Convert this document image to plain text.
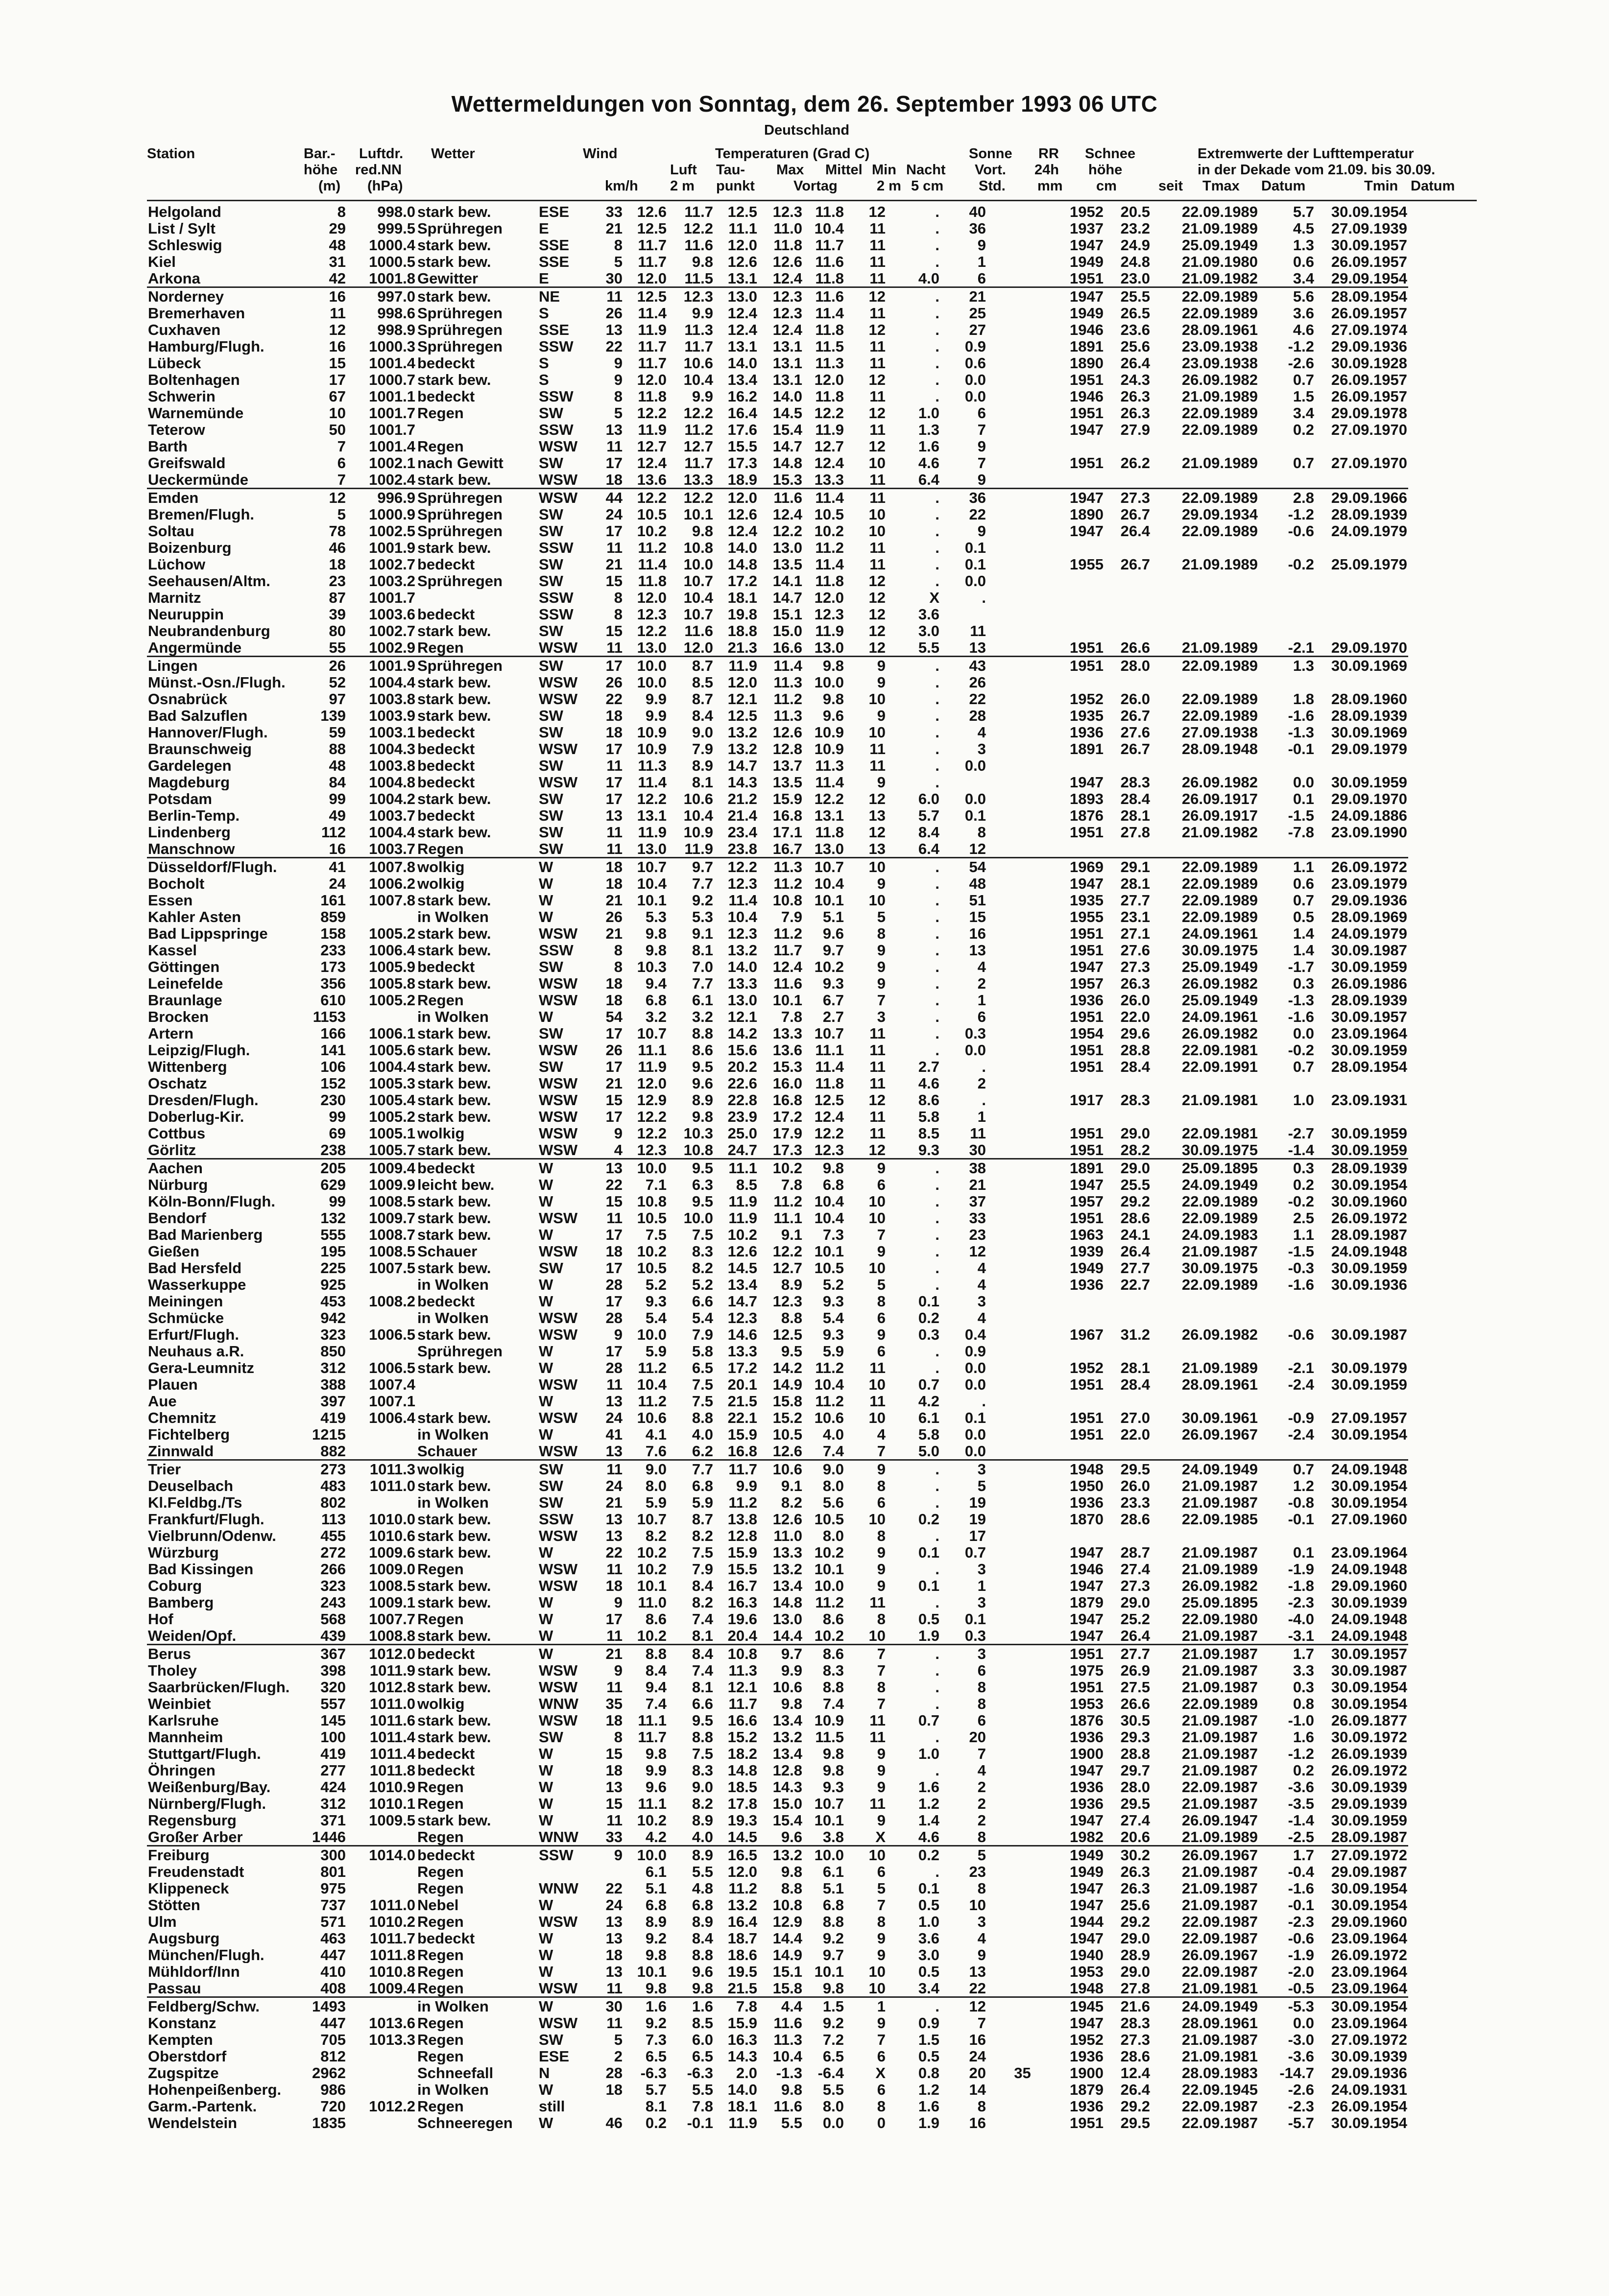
Wettermeldungen von Sonntag, dem 26. September 1993 06 UTC
Deutschland
Station	Bar.-
höhe
(m)
Luftdr.
red.NN
(hPa)
Wetter	Wind
km/h
Temperaturen (Grad C)
Luft
2 m
Tau-
punkt
Max Mittel Min
Vortag	2 m
Nacht
5 cm
Sonne
Vort.
Std.
RR
24h
mm
Schnee
höhe
cm
Extremwerte der Lufttemperatur
in der Dekade vom 21.09. bis 30.09.
seit Tmax Datum	Tmin Datum
Helgoland	8	998.0	stark bew.	ESE	33	12.6	11.7	12.5	12.3	11.8	12	.	40		1952	20.5	22.09.1989	5.7	30.09.1954
List / Sylt	29	999.5	Sprühregen	E	21	12.5	12.2	11.1	11.0	10.4	11	.	36		1937	23.2	21.09.1989	4.5	27.09.1939
Schleswig	48	1000.4	stark bew.	SSE	8	11.7	11.6	12.0	11.8	11.7	11	.	9		1947	24.9	25.09.1949	1.3	30.09.1957
Kiel	31	1000.5	stark bew.	SSE	5	11.7	9.8	12.6	12.6	11.6	11	.	1		1949	24.8	21.09.1980	0.6	26.09.1957
Arkona	42	1001.8	Gewitter	E	30	12.0	11.5	13.1	12.4	11.8	11	4.0	6		1951	23.0	21.09.1982	3.4	29.09.1954
Norderney	16	997.0	stark bew.	NE	11	12.5	12.3	13.0	12.3	11.6	12	.	21		1947	25.5	22.09.1989	5.6	28.09.1954
Bremerhaven	11	998.6	Sprühregen	S	26	11.4	9.9	12.4	12.3	11.4	11	.	25		1949	26.5	22.09.1989	3.6	26.09.1957
Cuxhaven	12	998.9	Sprühregen	SSE	13	11.9	11.3	12.4	12.4	11.8	12	.	27		1946	23.6	28.09.1961	4.6	27.09.1974
Hamburg/Flugh.	16	1000.3	Sprühregen	SSW	22	11.7	11.7	13.1	13.1	11.5	11	.	0.9		1891	25.6	23.09.1938	-1.2	29.09.1936
Lübeck	15	1001.4	bedeckt	S	9	11.7	10.6	14.0	13.1	11.3	11	.	0.6		1890	26.4	23.09.1938	-2.6	30.09.1928
Boltenhagen	17	1000.7	stark bew.	S	9	12.0	10.4	13.4	13.1	12.0	12	.	0.0		1951	24.3	26.09.1982	0.7	26.09.1957
Schwerin	67	1001.1	bedeckt	SSW	8	11.8	9.9	16.2	14.0	11.8	11	.	0.0		1946	26.3	21.09.1989	1.5	26.09.1957
Warnemünde	10	1001.7	Regen	SW	5	12.2	12.2	16.4	14.5	12.2	12	1.0	6		1951	26.3	22.09.1989	3.4	29.09.1978
Teterow	50	1001.7		SSW	13	11.9	11.2	17.6	15.4	11.9	11	1.3	7		1947	27.9	22.09.1989	0.2	27.09.1970
Barth	7	1001.4	Regen	WSW	11	12.7	12.7	15.5	14.7	12.7	12	1.6	9						
Greifswald	6	1002.1	nach Gewitt	SW	17	12.4	11.7	17.3	14.8	12.4	10	4.6	7		1951	26.2	21.09.1989	0.7	27.09.1970
Ueckermünde	7	1002.4	stark bew.	WSW	18	13.6	13.3	18.9	15.3	13.3	11	6.4	9						
Emden	12	996.9	Sprühregen	WSW	44	12.2	12.2	12.0	11.6	11.4	11	.	36		1947	27.3	22.09.1989	2.8	29.09.1966
Bremen/Flugh.	5	1000.9	Sprühregen	SW	24	10.5	10.1	12.6	12.4	10.5	10	.	22		1890	26.7	29.09.1934	-1.2	28.09.1939
Soltau	78	1002.5	Sprühregen	SW	17	10.2	9.8	12.4	12.2	10.2	10	.	9		1947	26.4	22.09.1989	-0.6	24.09.1979
Boizenburg	46	1001.9	stark bew.	SSW	11	11.2	10.8	14.0	13.0	11.2	11	.	0.1						
Lüchow	18	1002.7	bedeckt	SW	21	11.4	10.0	14.8	13.5	11.4	11	.	0.1		1955	26.7	21.09.1989	-0.2	25.09.1979
Seehausen/Altm.	23	1003.2	Sprühregen	SW	15	11.8	10.7	17.2	14.1	11.8	12	.	0.0						
Marnitz	87	1001.7		SSW	8	12.0	10.4	18.1	14.7	12.0	12	X	.						
Neuruppin	39	1003.6	bedeckt	SSW	8	12.3	10.7	19.8	15.1	12.3	12	3.6							
Neubrandenburg	80	1002.7	stark bew.	SW	15	12.2	11.6	18.8	15.0	11.9	12	3.0	11						
Angermünde	55	1002.9	Regen	WSW	11	13.0	12.0	21.3	16.6	13.0	12	5.5	13		1951	26.6	21.09.1989	-2.1	29.09.1970
Lingen	26	1001.9	Sprühregen	SW	17	10.0	8.7	11.9	11.4	9.8	9	.	43		1951	28.0	22.09.1989	1.3	30.09.1969
Münst.-Osn./Flugh.	52	1004.4	stark bew.	WSW	26	10.0	8.5	12.0	11.3	10.0	9	.	26						
Osnabrück	97	1003.8	stark bew.	WSW	22	9.9	8.7	12.1	11.2	9.8	10	.	22		1952	26.0	22.09.1989	1.8	28.09.1960
Bad Salzuflen	139	1003.9	stark bew.	SW	18	9.9	8.4	12.5	11.3	9.6	9	.	28		1935	26.7	22.09.1989	-1.6	28.09.1939
Hannover/Flugh.	59	1003.1	bedeckt	SW	18	10.9	9.0	13.2	12.6	10.9	10	.	4		1936	27.6	27.09.1938	-1.3	30.09.1969
Braunschweig	88	1004.3	bedeckt	WSW	17	10.9	7.9	13.2	12.8	10.9	11	.	3		1891	26.7	28.09.1948	-0.1	29.09.1979
Gardelegen	48	1003.8	bedeckt	SW	11	11.3	8.9	14.7	13.7	11.3	11	.	0.0						
Magdeburg	84	1004.8	bedeckt	WSW	17	11.4	8.1	14.3	13.5	11.4	9	.			1947	28.3	26.09.1982	0.0	30.09.1959
Potsdam	99	1004.2	stark bew.	SW	17	12.2	10.6	21.2	15.9	12.2	12	6.0	0.0		1893	28.4	26.09.1917	0.1	29.09.1970
Berlin-Temp.	49	1003.7	bedeckt	SW	13	13.1	10.4	21.4	16.8	13.1	13	5.7	0.1		1876	28.1	26.09.1917	-1.5	24.09.1886
Lindenberg	112	1004.4	stark bew.	SW	11	11.9	10.9	23.4	17.1	11.8	12	8.4	8		1951	27.8	21.09.1982	-7.8	23.09.1990
Manschnow	16	1003.7	Regen	SW	11	13.0	11.9	23.8	16.7	13.0	13	6.4	12						
Düsseldorf/Flugh.	41	1007.8	wolkig	W	18	10.7	9.7	12.2	11.3	10.7	10	.	54		1969	29.1	22.09.1989	1.1	26.09.1972
Bocholt	24	1006.2	wolkig	W	18	10.4	7.7	12.3	11.2	10.4	9	.	48		1947	28.1	22.09.1989	0.6	23.09.1979
Essen	161	1007.8	stark bew.	W	21	10.1	9.2	11.4	10.8	10.1	10	.	51		1935	27.7	22.09.1989	0.7	29.09.1936
Kahler Asten	859		in Wolken	W	26	5.3	5.3	10.4	7.9	5.1	5	.	15		1955	23.1	22.09.1989	0.5	28.09.1969
Bad Lippspringe	158	1005.2	stark bew.	WSW	21	9.8	9.1	12.3	11.2	9.6	8	.	16		1951	27.1	24.09.1961	1.4	24.09.1979
Kassel	233	1006.4	stark bew.	SSW	8	9.8	8.1	13.2	11.7	9.7	9	.	13		1951	27.6	30.09.1975	1.4	30.09.1987
Göttingen	173	1005.9	bedeckt	SW	8	10.3	7.0	14.0	12.4	10.2	9	.	4		1947	27.3	25.09.1949	-1.7	30.09.1959
Leinefelde	356	1005.8	stark bew.	WSW	18	9.4	7.7	13.3	11.6	9.3	9	.	2		1957	26.3	26.09.1982	0.3	26.09.1986
Braunlage	610	1005.2	Regen	WSW	18	6.8	6.1	13.0	10.1	6.7	7	.	1		1936	26.0	25.09.1949	-1.3	28.09.1939
Brocken	1153		in Wolken	W	54	3.2	3.2	12.1	7.8	2.7	3	.	6		1951	22.0	24.09.1961	-1.6	30.09.1957
Artern	166	1006.1	stark bew.	SW	17	10.7	8.8	14.2	13.3	10.7	11	.	0.3		1954	29.6	26.09.1982	0.0	23.09.1964
Leipzig/Flugh.	141	1005.6	stark bew.	WSW	26	11.1	8.6	15.6	13.6	11.1	11	.	0.0		1951	28.8	22.09.1981	-0.2	30.09.1959
Wittenberg	106	1004.4	stark bew.	SW	17	11.9	9.5	20.2	15.3	11.4	11	2.7	.		1951	28.4	22.09.1991	0.7	28.09.1954
Oschatz	152	1005.3	stark bew.	WSW	21	12.0	9.6	22.6	16.0	11.8	11	4.6	2						
Dresden/Flugh.	230	1005.4	stark bew.	WSW	15	12.9	8.9	22.8	16.8	12.5	12	8.6	.		1917	28.3	21.09.1981	1.0	23.09.1931
Doberlug-Kir.	99	1005.2	stark bew.	WSW	17	12.2	9.8	23.9	17.2	12.4	11	5.8	1						
Cottbus	69	1005.1	wolkig	WSW	9	12.2	10.3	25.0	17.9	12.2	11	8.5	11		1951	29.0	22.09.1981	-2.7	30.09.1959
Görlitz	238	1005.7	stark bew.	WSW	4	12.3	10.8	24.7	17.3	12.3	12	9.3	30		1951	28.2	30.09.1975	-1.4	30.09.1959
Aachen	205	1009.4	bedeckt	W	13	10.0	9.5	11.1	10.2	9.8	9	.	38		1891	29.0	25.09.1895	0.3	28.09.1939
Nürburg	629	1009.9	leicht bew.	W	22	7.1	6.3	8.5	7.8	6.8	6	.	21		1947	25.5	24.09.1949	0.2	30.09.1954
Köln-Bonn/Flugh.	99	1008.5	stark bew.	W	15	10.8	9.5	11.9	11.2	10.4	10	.	37		1957	29.2	22.09.1989	-0.2	30.09.1960
Bendorf	132	1009.7	stark bew.	WSW	11	10.5	10.0	11.9	11.1	10.4	10	.	33		1951	28.6	22.09.1989	2.5	26.09.1972
Bad Marienberg	555	1008.7	stark bew.	W	17	7.5	7.5	10.2	9.1	7.3	7	.	23		1963	24.1	24.09.1983	1.1	28.09.1987
Gießen	195	1008.5	Schauer	WSW	18	10.2	8.3	12.6	12.2	10.1	9	.	12		1939	26.4	21.09.1987	-1.5	24.09.1948
Bad Hersfeld	225	1007.5	stark bew.	SW	17	10.5	8.2	14.5	12.7	10.5	10	.	4		1949	27.7	30.09.1975	-0.3	30.09.1959
Wasserkuppe	925		in Wolken	W	28	5.2	5.2	13.4	8.9	5.2	5	.	4		1936	22.7	22.09.1989	-1.6	30.09.1936
Meiningen	453	1008.2	bedeckt	W	17	9.3	6.6	14.7	12.3	9.3	8	0.1	3						
Schmücke	942		in Wolken	WSW	28	5.4	5.4	12.3	8.8	5.4	6	0.2	4						
Erfurt/Flugh.	323	1006.5	stark bew.	WSW	9	10.0	7.9	14.6	12.5	9.3	9	0.3	0.4		1967	31.2	26.09.1982	-0.6	30.09.1987
Neuhaus a.R.	850		Sprühregen	W	17	5.9	5.8	13.3	9.5	5.9	6	.	0.9						
Gera-Leumnitz	312	1006.5	stark bew.	W	28	11.2	6.5	17.2	14.2	11.2	11	.	0.0		1952	28.1	21.09.1989	-2.1	30.09.1979
Plauen	388	1007.4		WSW	11	10.4	7.5	20.1	14.9	10.4	10	0.7	0.0		1951	28.4	28.09.1961	-2.4	30.09.1959
Aue	397	1007.1		W	13	11.2	7.5	21.5	15.8	11.2	11	4.2	.						
Chemnitz	419	1006.4	stark bew.	WSW	24	10.6	8.8	22.1	15.2	10.6	10	6.1	0.1		1951	27.0	30.09.1961	-0.9	27.09.1957
Fichtelberg	1215		in Wolken	W	41	4.1	4.0	15.9	10.5	4.0	4	5.8	0.0		1951	22.0	26.09.1967	-2.4	30.09.1954
Zinnwald	882		Schauer	WSW	13	7.6	6.2	16.8	12.6	7.4	7	5.0	0.0						
Trier	273	1011.3	wolkig	SW	11	9.0	7.7	11.7	10.6	9.0	9	.	3		1948	29.5	24.09.1949	0.7	24.09.1948
Deuselbach	483	1011.0	stark bew.	SW	24	8.0	6.8	9.9	9.1	8.0	8	.	5		1950	26.0	21.09.1987	1.2	30.09.1954
Kl.Feldbg./Ts	802		in Wolken	SW	21	5.9	5.9	11.2	8.2	5.6	6	.	19		1936	23.3	21.09.1987	-0.8	30.09.1954
Frankfurt/Flugh.	113	1010.0	stark bew.	SSW	13	10.7	8.7	13.8	12.6	10.5	10	0.2	19		1870	28.6	22.09.1985	-0.1	27.09.1960
Vielbrunn/Odenw.	455	1010.6	stark bew.	WSW	13	8.2	8.2	12.8	11.0	8.0	8	.	17						
Würzburg	272	1009.6	stark bew.	W	22	10.2	7.5	15.9	13.3	10.2	9	0.1	0.7		1947	28.7	21.09.1987	0.1	23.09.1964
Bad Kissingen	266	1009.0	Regen	WSW	11	10.2	7.9	15.5	13.2	10.1	9	.	3		1946	27.4	21.09.1989	-1.9	24.09.1948
Coburg	323	1008.5	stark bew.	WSW	18	10.1	8.4	16.7	13.4	10.0	9	0.1	1		1947	27.3	26.09.1982	-1.8	29.09.1960
Bamberg	243	1009.1	stark bew.	W	9	11.0	8.2	16.3	14.8	11.2	11	.	3		1879	29.0	25.09.1895	-2.3	30.09.1939
Hof	568	1007.7	Regen	W	17	8.6	7.4	19.6	13.0	8.6	8	0.5	0.1		1947	25.2	22.09.1980	-4.0	24.09.1948
Weiden/Opf.	439	1008.8	stark bew.	W	11	10.2	8.1	20.4	14.4	10.2	10	1.9	0.3		1947	26.4	21.09.1987	-3.1	24.09.1948
Berus	367	1012.0	bedeckt	W	21	8.8	8.4	10.8	9.7	8.6	7	.	3		1951	27.7	21.09.1987	1.7	30.09.1957
Tholey	398	1011.9	stark bew.	WSW	9	8.4	7.4	11.3	9.9	8.3	7	.	6		1975	26.9	21.09.1987	3.3	30.09.1987
Saarbrücken/Flugh.	320	1012.8	stark bew.	WSW	11	9.4	8.1	12.1	10.6	8.8	8	.	8		1951	27.5	21.09.1987	0.3	30.09.1954
Weinbiet	557	1011.0	wolkig	WNW	35	7.4	6.6	11.7	9.8	7.4	7	.	8		1953	26.6	22.09.1989	0.8	30.09.1954
Karlsruhe	145	1011.6	stark bew.	WSW	18	11.1	9.5	16.6	13.4	10.9	11	0.7	6		1876	30.5	21.09.1987	-1.0	26.09.1877
Mannheim	100	1011.4	stark bew.	SW	8	11.7	8.8	15.2	13.2	11.5	11	.	20		1936	29.3	21.09.1987	1.6	30.09.1972
Stuttgart/Flugh.	419	1011.4	bedeckt	W	15	9.8	7.5	18.2	13.4	9.8	9	1.0	7		1900	28.8	21.09.1987	-1.2	26.09.1939
Öhringen	277	1011.8	bedeckt	W	18	9.9	8.3	14.8	12.8	9.8	9	.	4		1947	29.7	21.09.1987	0.2	26.09.1972
Weißenburg/Bay.	424	1010.9	Regen	W	13	9.6	9.0	18.5	14.3	9.3	9	1.6	2		1936	28.0	22.09.1987	-3.6	30.09.1939
Nürnberg/Flugh.	312	1010.1	Regen	W	15	11.1	8.2	17.8	15.0	10.7	11	1.2	2		1936	29.5	21.09.1987	-3.5	29.09.1939
Regensburg	371	1009.5	stark bew.	W	11	10.2	8.9	19.3	15.4	10.1	9	1.4	2		1947	27.4	26.09.1947	-1.4	30.09.1959
Großer Arber	1446		Regen	WNW	33	4.2	4.0	14.5	9.6	3.8	X	4.6	8		1982	20.6	21.09.1989	-2.5	28.09.1987
Freiburg	300	1014.0	bedeckt	SSW	9	10.0	8.9	16.5	13.2	10.0	10	0.2	5		1949	30.2	26.09.1967	1.7	27.09.1972
Freudenstadt	801		Regen			6.1	5.5	12.0	9.8	6.1	6	.	23		1949	26.3	21.09.1987	-0.4	29.09.1987
Klippeneck	975		Regen	WNW	22	5.1	4.8	11.2	8.8	5.1	5	0.1	8		1947	26.3	21.09.1987	-1.6	30.09.1954
Stötten	737	1011.0	Nebel	W	24	6.8	6.8	13.2	10.8	6.8	7	0.5	10		1947	25.6	21.09.1987	-0.1	30.09.1954
Ulm	571	1010.2	Regen	WSW	13	8.9	8.9	16.4	12.9	8.8	8	1.0	3		1944	29.2	22.09.1987	-2.3	29.09.1960
Augsburg	463	1011.7	bedeckt	W	13	9.2	8.4	18.7	14.4	9.2	9	3.6	4		1947	29.0	22.09.1987	-0.6	23.09.1964
München/Flugh.	447	1011.8	Regen	W	18	9.8	8.8	18.6	14.9	9.7	9	3.0	9		1940	28.9	26.09.1967	-1.9	26.09.1972
Mühldorf/Inn	410	1010.8	Regen	W	13	10.1	9.6	19.5	15.1	10.1	10	0.5	13		1953	29.0	22.09.1987	-2.0	23.09.1964
Passau	408	1009.4	Regen	WSW	11	9.8	9.8	21.5	15.8	9.8	10	3.4	22		1948	27.8	21.09.1981	-0.5	23.09.1964
Feldberg/Schw.	1493		in Wolken	W	30	1.6	1.6	7.8	4.4	1.5	1	.	12		1945	21.6	24.09.1949	-5.3	30.09.1954
Konstanz	447	1013.6	Regen	WSW	11	9.2	8.5	15.9	11.6	9.2	9	0.9	7		1947	28.3	28.09.1961	0.0	23.09.1964
Kempten	705	1013.3	Regen	SW	5	7.3	6.0	16.3	11.3	7.2	7	1.5	16		1952	27.3	21.09.1987	-3.0	27.09.1972
Oberstdorf	812		Regen	ESE	2	6.5	6.5	14.3	10.4	6.5	6	0.5	24		1936	28.6	21.09.1981	-3.6	30.09.1939
Zugspitze	2962		Schneefall	N	28	-6.3	-6.3	2.0	-1.3	-6.4	X	0.8	20	35	1900	12.4	28.09.1983	-14.7	29.09.1936
Hohenpeißenberg.	986		in Wolken	W	18	5.7	5.5	14.0	9.8	5.5	6	1.2	14		1879	26.4	22.09.1945	-2.6	24.09.1931
Garm.-Partenk.	720	1012.2	Regen	still		8.1	7.8	18.1	11.6	8.0	8	1.6	8		1936	29.2	22.09.1987	-2.3	26.09.1954
Wendelstein	1835		Schneeregen	W	46	0.2	-0.1	11.9	5.5	0.0	0	1.9	16		1951	29.5	22.09.1987	-5.7	30.09.1954
